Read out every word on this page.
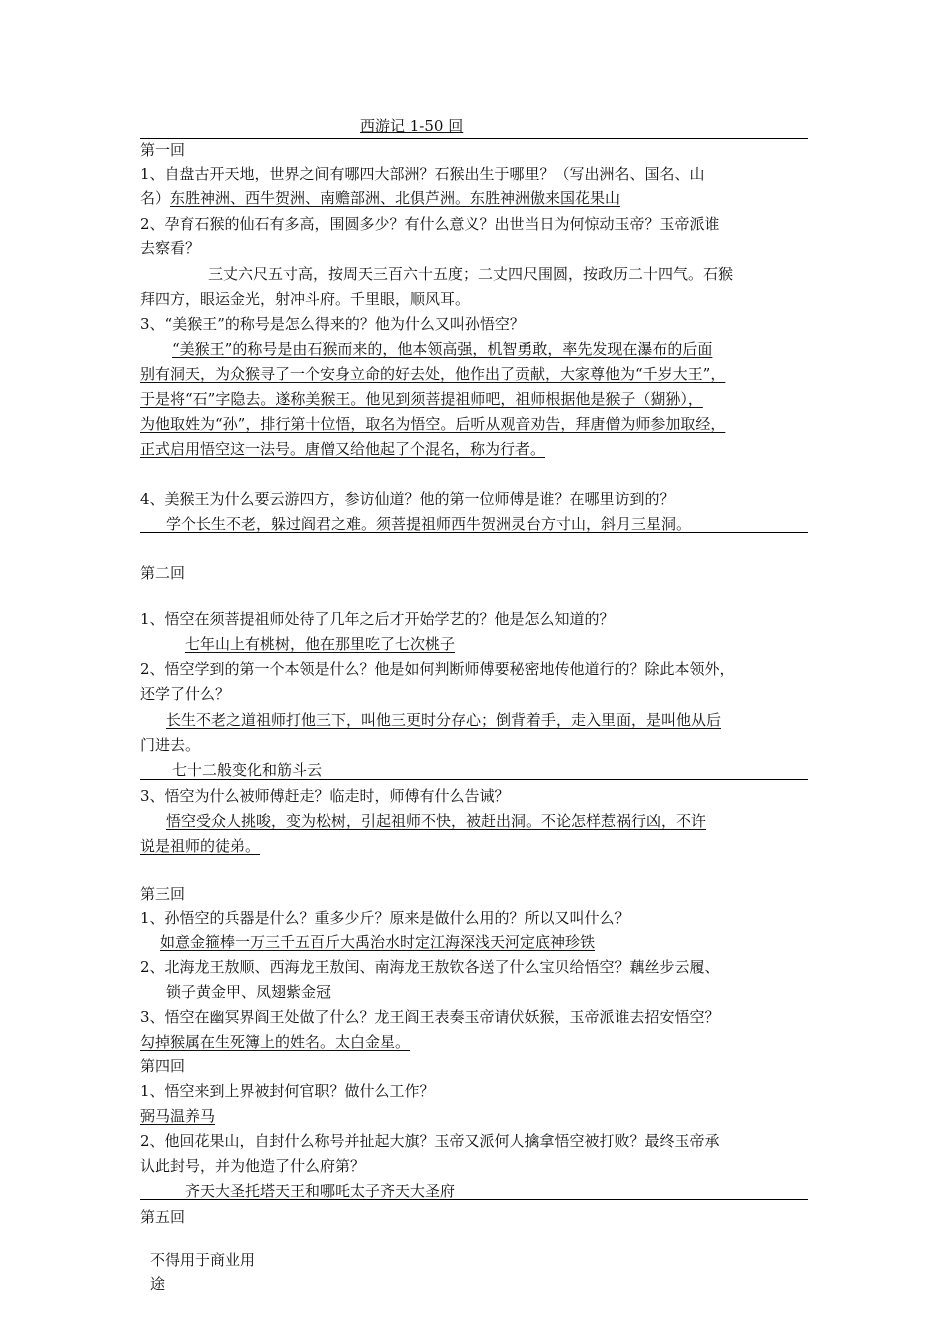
西游记 1-50 回
第一回
1、自盘古开天地，世界之间有哪四大部洲？石猴出生于哪里？（写出洲名、国名、山
名）东胜神洲、西牛贺洲、南赡部洲、北俱芦洲。东胜神洲傲来国花果山
2、孕育石猴的仙石有多高，围圆多少？有什么意义？出世当日为何惊动玉帝？玉帝派谁
去察看？
三丈六尺五寸高，按周天三百六十五度；二丈四尺围圆，按政历二十四气。石猴
拜四方，眼运金光，射冲斗府。千里眼，顺风耳。
3、“美猴王”的称号是怎么得来的？他为什么又叫孙悟空？
“美猴王”的称号是由石猴而来的，他本领高强，机智勇敢，率先发现在瀑布的后面
别有洞天，为众猴寻了一个安身立命的好去处，他作出了贡献，大家尊他为“千岁大王”，
于是将“石”字隐去。遂称美猴王。他见到须菩提祖师吧，祖师根据他是猴子（猢狲），
为他取姓为“孙”，排行第十位悟，取名为悟空。后听从观音劝告，拜唐僧为师参加取经，
正式启用悟空这一法号。唐僧又给他起了个混名，称为行者。
4、美猴王为什么要云游四方，参访仙道？他的第一位师傅是谁？在哪里访到的？
学个长生不老，躲过阎君之难。须菩提祖师西牛贺洲灵台方寸山，斜月三星洞。
第二回
1、悟空在须菩提祖师处待了几年之后才开始学艺的？他是怎么知道的？
七年山上有桃树，他在那里吃了七次桃子
2、悟空学到的第一个本领是什么？他是如何判断师傅要秘密地传他道行的？除此本领外，
还学了什么？
长生不老之道祖师打他三下，叫他三更时分存心；倒背着手，走入里面，是叫他从后
门进去。
七十二般变化和筋斗云
3、悟空为什么被师傅赶走？临走时，师傅有什么告诫？
悟空受众人挑唆，变为松树，引起祖师不快，被赶出洞。不论怎样惹祸行凶，不许
说是祖师的徒弟。
第三回
1、孙悟空的兵器是什么？重多少斤？原来是做什么用的？所以又叫什么？
如意金箍棒一万三千五百斤大禹治水时定江海深浅天河定底神珍铁
2、北海龙王敖顺、西海龙王敖闰、南海龙王敖钦各送了什么宝贝给悟空？藕丝步云履、
锁子黄金甲、凤翅紫金冠
3、悟空在幽冥界阎王处做了什么？龙王阎王表奏玉帝请伏妖猴，玉帝派谁去招安悟空？
勾掉猴属在生死簿上的姓名。太白金星。
第四回
1、悟空来到上界被封何官职？做什么工作？
弼马温养马
2、他回花果山，自封什么称号并扯起大旗？玉帝又派何人擒拿悟空被打败？最终玉帝承
认此封号，并为他造了什么府第？
齐天大圣托塔天王和哪吒太子齐天大圣府
第五回
不得用于商业用
途
